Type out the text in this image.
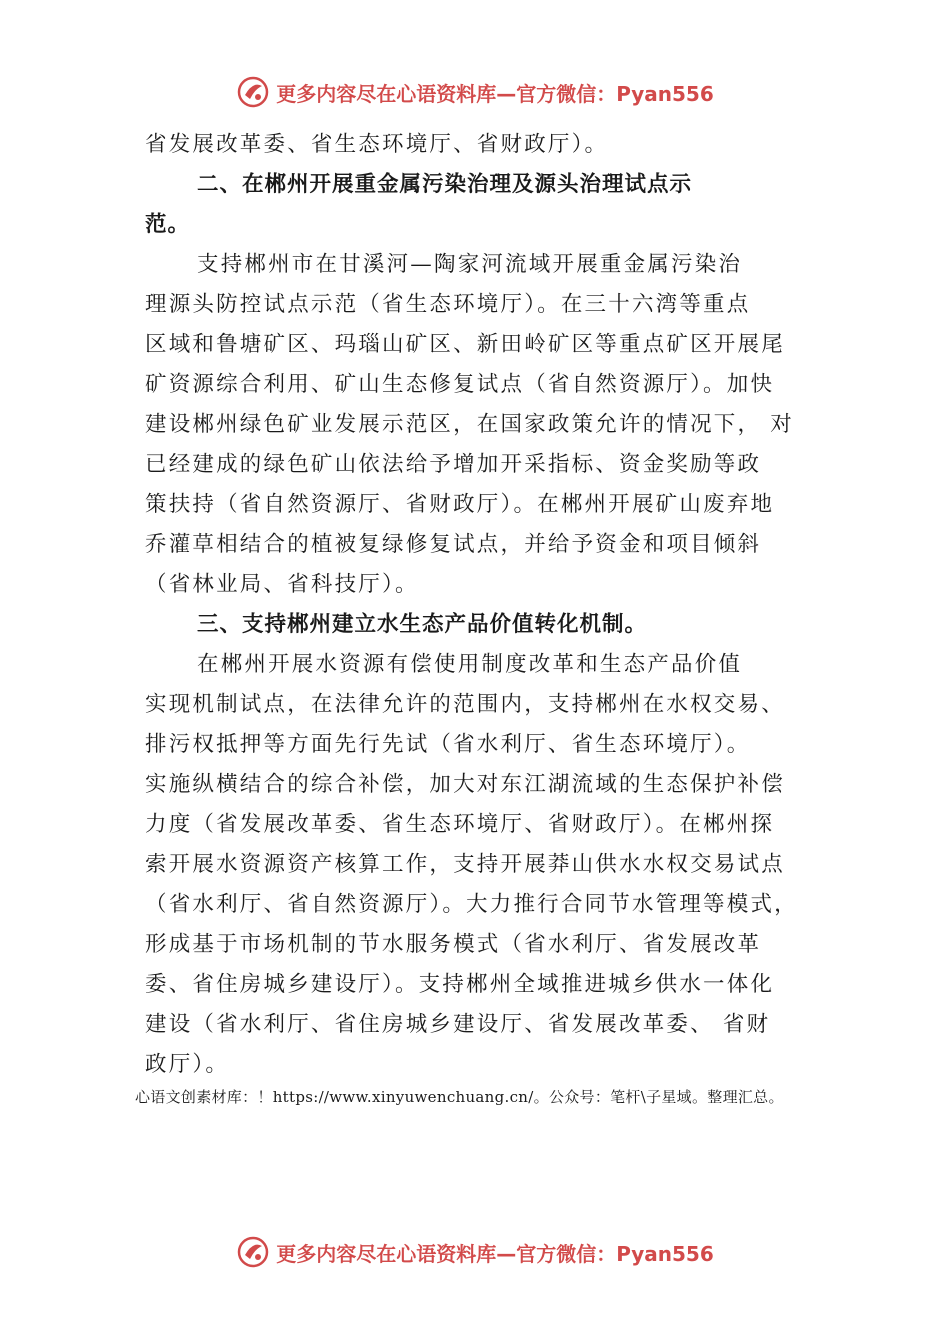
更多内容尽在心语资料库—官方微信：Pyan556
省发展改革委、省生态环境厅、省财政厅）。
二、在郴州开展重金属污染治理及源头治理试点示
范。
支持郴州市在甘溪河—陶家河流域开展重金属污染治
理源头防控试点示范（省生态环境厅）。在三十六湾等重点
区域和鲁塘矿区、玛瑙山矿区、新田岭矿区等重点矿区开展尾
矿资源综合利用、矿山生态修复试点（省自然资源厅）。加快
建设郴州绿色矿业发展示范区，在国家政策允许的情况下， 对
已经建成的绿色矿山依法给予增加开采指标、资金奖励等政
策扶持（省自然资源厅、省财政厅）。在郴州开展矿山废弃地
乔灌草相结合的植被复绿修复试点，并给予资金和项目倾斜
（省林业局、省科技厅）。
三、支持郴州建立水生态产品价值转化机制。
在郴州开展水资源有偿使用制度改革和生态产品价值
实现机制试点，在法律允许的范围内，支持郴州在水权交易、
排污权抵押等方面先行先试（省水利厅、省生态环境厅）。
实施纵横结合的综合补偿，加大对东江湖流域的生态保护补偿
力度（省发展改革委、省生态环境厅、省财政厅）。在郴州探
索开展水资源资产核算工作，支持开展莽山供水水权交易试点
（省水利厅、省自然资源厅）。大力推行合同节水管理等模式，
形成基于市场机制的节水服务模式（省水利厅、省发展改革
委、省住房城乡建设厅）。支持郴州全域推进城乡供水一体化
建设（省水利厅、省住房城乡建设厅、省发展改革委、 省财
政厅）。
心语文创素材库：！https://www.xinyuwenchuang.cn/。公众号：笔杆\子星域。整理汇总。
更多内容尽在心语资料库—官方微信：Pyan556
